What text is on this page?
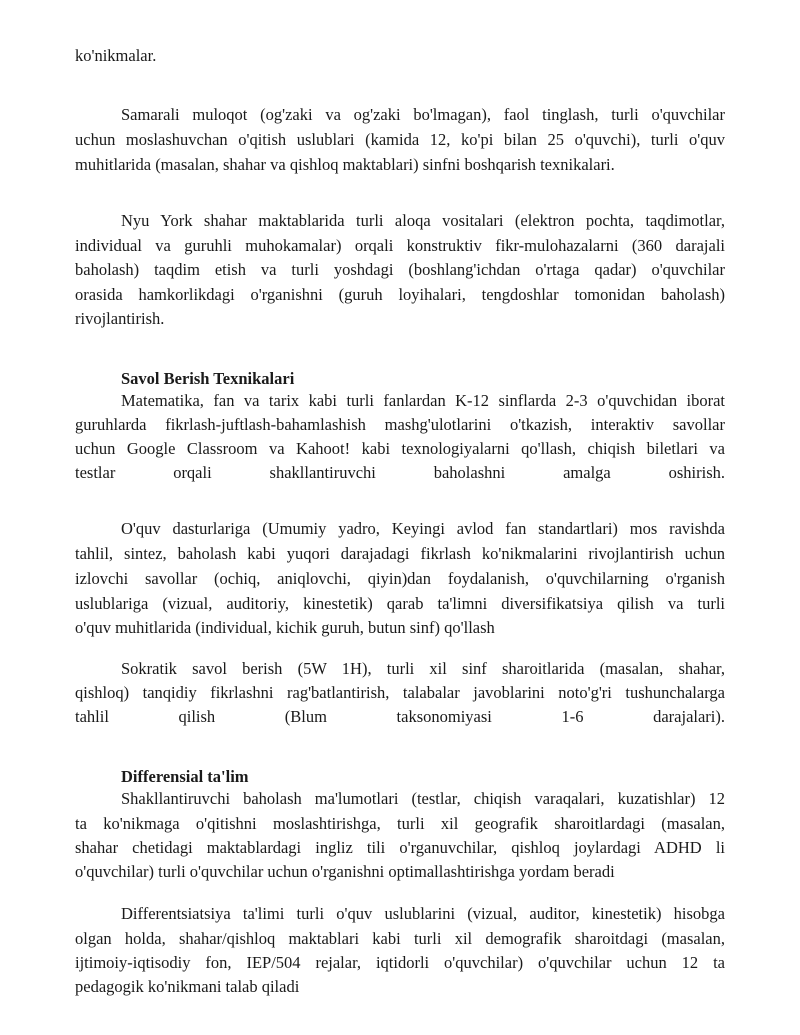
ko'nikmalar.
Samarali muloqot (og'zaki va og'zaki bo'lmagan), faol tinglash, turli o'quvchilar
uchun moslashuvchan o'qitish uslublari (kamida 12, ko'pi bilan 25 o'quvchi), turli o'quv
muhitlarida (masalan, shahar va qishloq maktablari) sinfni boshqarish texnikalari.
Nyu York shahar maktablarida turli aloqa vositalari (elektron pochta, taqdimotlar,
individual va guruhli muhokamalar) orqali konstruktiv fikr-mulohazalarni (360 darajali
baholash) taqdim etish va turli yoshdagi (boshlang'ichdan o'rtaga qadar) o'quvchilar
orasida hamkorlikdagi o'rganishni (guruh loyihalari, tengdoshlar tomonidan baholash)
rivojlantirish.
Savol Berish Texnikalari
Matematika, fan va tarix kabi turli fanlardan K-12 sinflarda 2-3 o'quvchidan iborat
guruhlarda fikrlash-juftlash-bahamlashish mashg'ulotlarini o'tkazish, interaktiv savollar
uchun Google Classroom va Kahoot! kabi texnologiyalarni qo'llash, chiqish biletlari va
testlar orqali shakllantiruvchi baholashni amalga oshirish.
O'quv dasturlariga (Umumiy yadro, Keyingi avlod fan standartlari) mos ravishda
tahlil, sintez, baholash kabi yuqori darajadagi fikrlash ko'nikmalarini rivojlantirish uchun
izlovchi savollar (ochiq, aniqlovchi, qiyin)dan foydalanish, o'quvchilarning o'rganish
uslublariga (vizual, auditoriy, kinestetik) qarab ta'limni diversifikatsiya qilish va turli
o'quv muhitlarida (individual, kichik guruh, butun sinf) qo'llash
Sokratik savol berish (5W 1H), turli xil sinf sharoitlarida (masalan, shahar,
qishloq) tanqidiy fikrlashni rag'batlantirish, talabalar javoblarini noto'g'ri tushunchalarga
tahlil qilish (Blum taksonomiyasi 1-6 darajalari).
Differensial ta'lim
Shakllantiruvchi baholash ma'lumotlari (testlar, chiqish varaqalari, kuzatishlar) 12
ta ko'nikmaga o'qitishni moslashtirishga, turli xil geografik sharoitlardagi (masalan,
shahar chetidagi maktablardagi ingliz tili o'rganuvchilar, qishloq joylardagi ADHD li
o'quvchilar) turli o'quvchilar uchun o'rganishni optimallashtirishga yordam beradi
Differentsiatsiya ta'limi turli o'quv uslublarini (vizual, auditor, kinestetik) hisobga
olgan holda, shahar/qishloq maktablari kabi turli xil demografik sharoitdagi (masalan,
ijtimoiy-iqtisodiy fon, IEP/504 rejalar, iqtidorli o'quvchilar) o'quvchilar uchun 12 ta
pedagogik ko'nikmani talab qiladi
